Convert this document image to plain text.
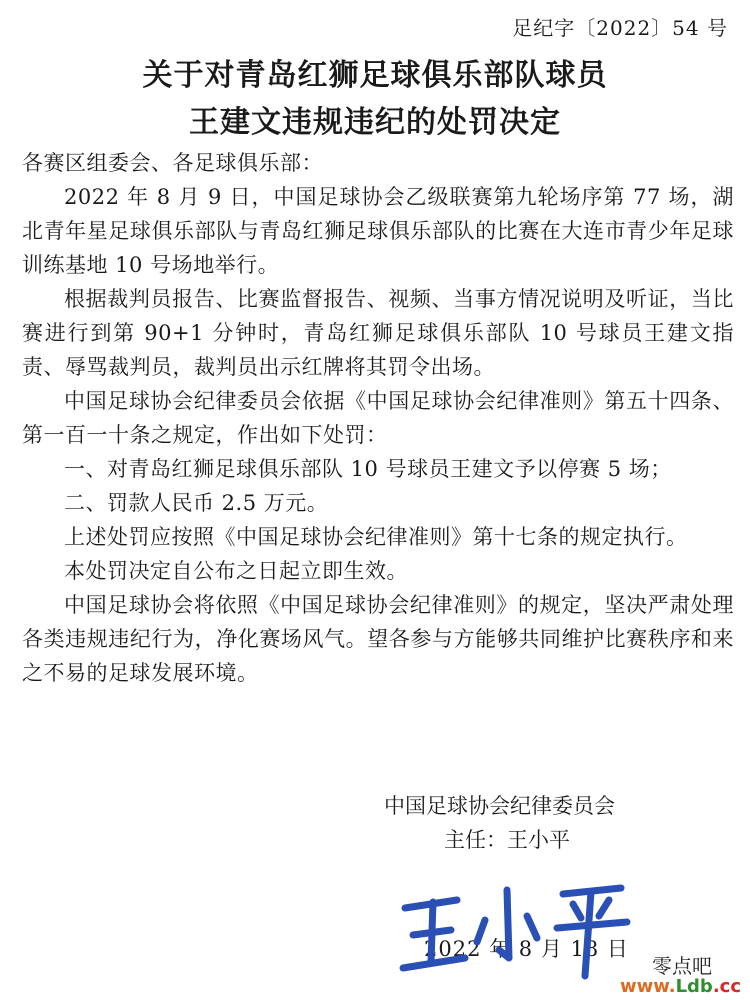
足纪字〔2022〕54 号
关于对青岛红狮足球俱乐部队球员
王建文违规违纪的处罚决定

各赛区组委会、各足球俱乐部：

2022 年 8 月 9 日，中国足球协会乙级联赛第九轮场序第 77 场，湖北青年星足球俱乐部队与青岛红狮足球俱乐部队的比赛在大连市青少年足球训练基地 10 号场地举行。

根据裁判员报告、比赛监督报告、视频、当事方情况说明及听证，当比赛进行到第 90+1 分钟时，青岛红狮足球俱乐部队 10 号球员王建文指责、辱骂裁判员，裁判员出示红牌将其罚令出场。

中国足球协会纪律委员会依据《中国足球协会纪律准则》第五十四条、第一百一十条之规定，作出如下处罚：

一、对青岛红狮足球俱乐部队 10 号球员王建文予以停赛 5 场；

二、罚款人民币 2.5 万元。

上述处罚应按照《中国足球协会纪律准则》第十七条的规定执行。

本处罚决定自公布之日起立即生效。

中国足球协会将依照《中国足球协会纪律准则》的规定，坚决严肃处理各类违规违纪行为，净化赛场风气。望各参与方能够共同维护比赛秩序和来之不易的足球发展环境。

中国足球协会纪律委员会
主任：王小平
2022 年 8 月 18 日
零点吧
www.Ldb.cc
